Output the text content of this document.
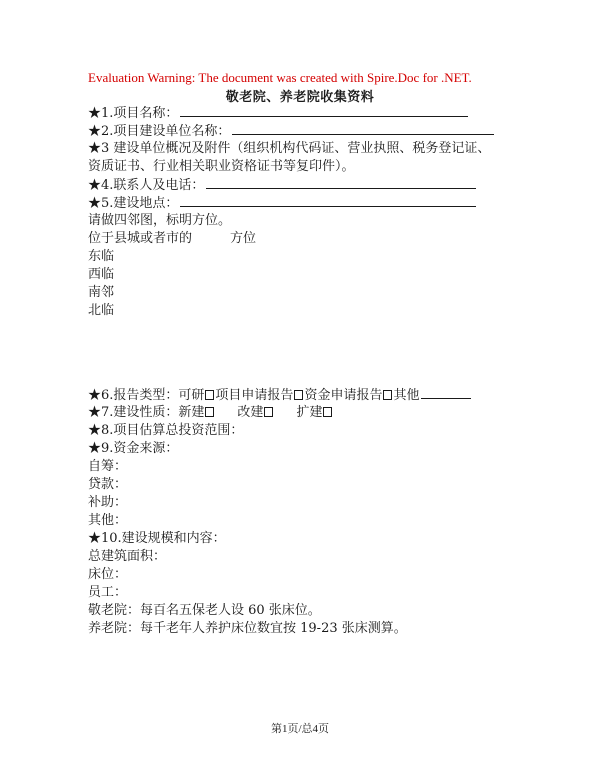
Evaluation Warning: The document was created with Spire.Doc for .NET.
敬老院、养老院收集资料
★1.项目名称：
★2.项目建设单位名称：
★3 建设单位概况及附件（组织机构代码证、营业执照、税务登记证、
资质证书、行业相关职业资格证书等复印件）。
★4.联系人及电话：
★5.建设地点：
请做四邻图，标明方位。
位于县城或者市的	方位
东临
西临
南邻
北临
★6.报告类型：可研 项目申请报告 资金申请报告 其他
★7.建设性质：新建	改建	扩建
★8.项目估算总投资范围：
★9.资金来源：
自筹：
贷款：
补助：
其他：
★10.建设规模和内容：
总建筑面积：
床位：
员工：
敬老院：每百名五保老人设 60 张床位。
养老院：每千老年人养护床位数宜按 19-23 张床测算。
第1页/总4页
